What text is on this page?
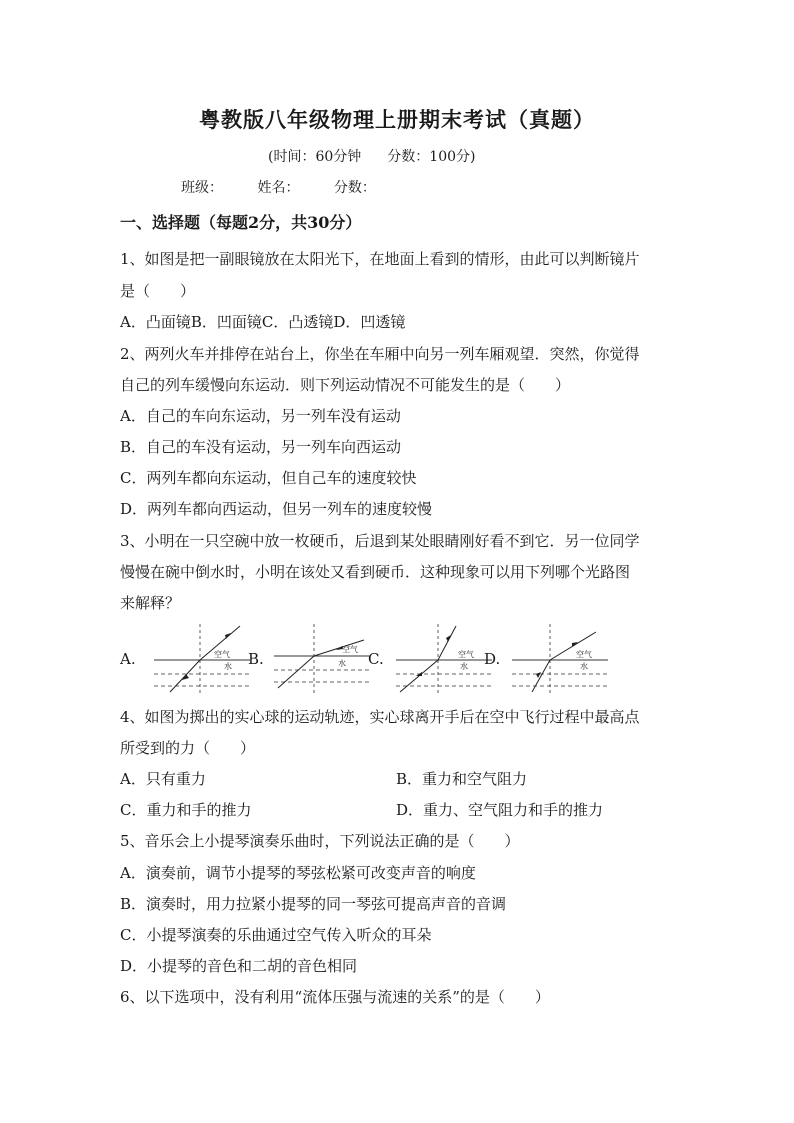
粤教版八年级物理上册期末考试（真题）
(时间：60分钟 分数：100分)
班级： 姓名： 分数：
一、选择题（每题2分，共30分）
1、如图是把一副眼镜放在太阳光下，在地面上看到的情形，由此可以判断镜片
是（　　）
A．凸面镜B．凹面镜C．凸透镜D．凹透镜
2、两列火车并排停在站台上，你坐在车厢中向另一列车厢观望．突然，你觉得
自己的列车缓慢向东运动．则下列运动情况不可能发生的是（　　）
A．自己的车向东运动，另一列车没有运动
B．自己的车没有运动，另一列车向西运动
C．两列车都向东运动，但自己车的速度较快
D．两列车都向西运动，但另一列车的速度较慢
3、小明在一只空碗中放一枚硬币，后退到某处眼睛刚好看不到它．另一位同学
慢慢在碗中倒水时，小明在该处又看到硬币．这种现象可以用下列哪个光路图
来解释？
A.	空气
水 B.
空气
水 C.	空气
水 D.	空气
水
4、如图为掷出的实心球的运动轨迹，实心球离开手后在空中飞行过程中最高点
所受到的力（　　）
A．只有重力	B．重力和空气阻力
C．重力和手的推力	D．重力、空气阻力和手的推力
5、音乐会上小提琴演奏乐曲时，下列说法正确的是（　　）
A．演奏前，调节小提琴的琴弦松紧可改变声音的响度
B．演奏时，用力拉紧小提琴的同一琴弦可提高声音的音调
C．小提琴演奏的乐曲通过空气传入听众的耳朵
D．小提琴的音色和二胡的音色相同
6、以下选项中，没有利用“流体压强与流速的关系”的是（　　）
